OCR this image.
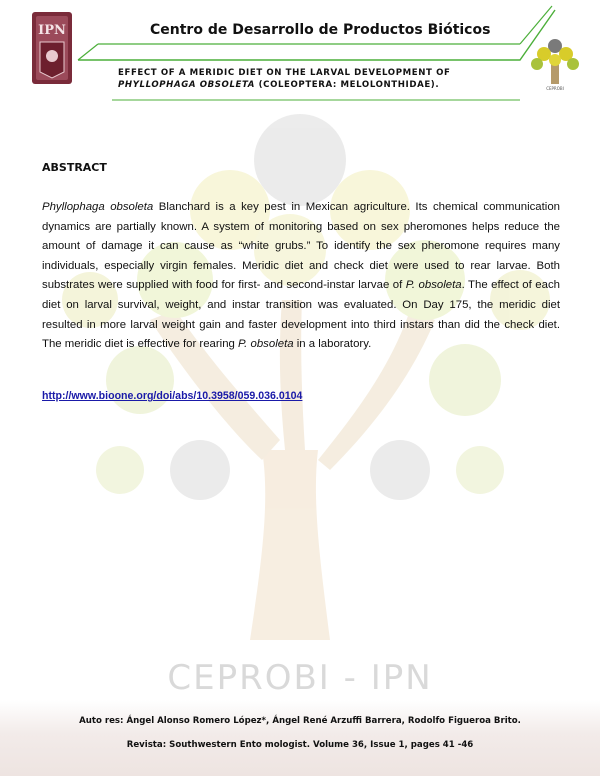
CEPROBI - IPN
IPN
CEPROBI
Centro de Desarrollo de Productos Bióticos
EFFECT OF A MERIDIC DIET ON THE LARVAL DEVELOPMENT OF
PHYLLOPHAGA OBSOLETA (COLEOPTERA: MELOLONTHIDAE).
ABSTRACT
Phyllophaga obsoleta Blanchard is a key pest in Mexican agriculture. Its chemical communication dynamics are partially known. A system of monitoring based on sex pheromones helps reduce the amount of damage it can cause as “white grubs.” To identify the sex pheromone requires many individuals, especially virgin females. Meridic diet and check diet were used to rear larvae. Both substrates were supplied with food for first- and second-instar larvae of P. obsoleta. The effect of each diet on larval survival, weight, and instar transition was evaluated. On Day 175, the meridic diet resulted in more larval weight gain and faster development into third instars than did the check diet. The meridic diet is effective for rearing P. obsoleta in a laboratory.
http://www.bioone.org/doi/abs/10.3958/059.036.0104
Auto res: Ángel Alonso Romero López*, Ángel René Arzuffi Barrera, Rodolfo Figueroa Brito.
Revista: Southwestern Ento mologist. Volume 36, Issue 1, pages 41 -46
